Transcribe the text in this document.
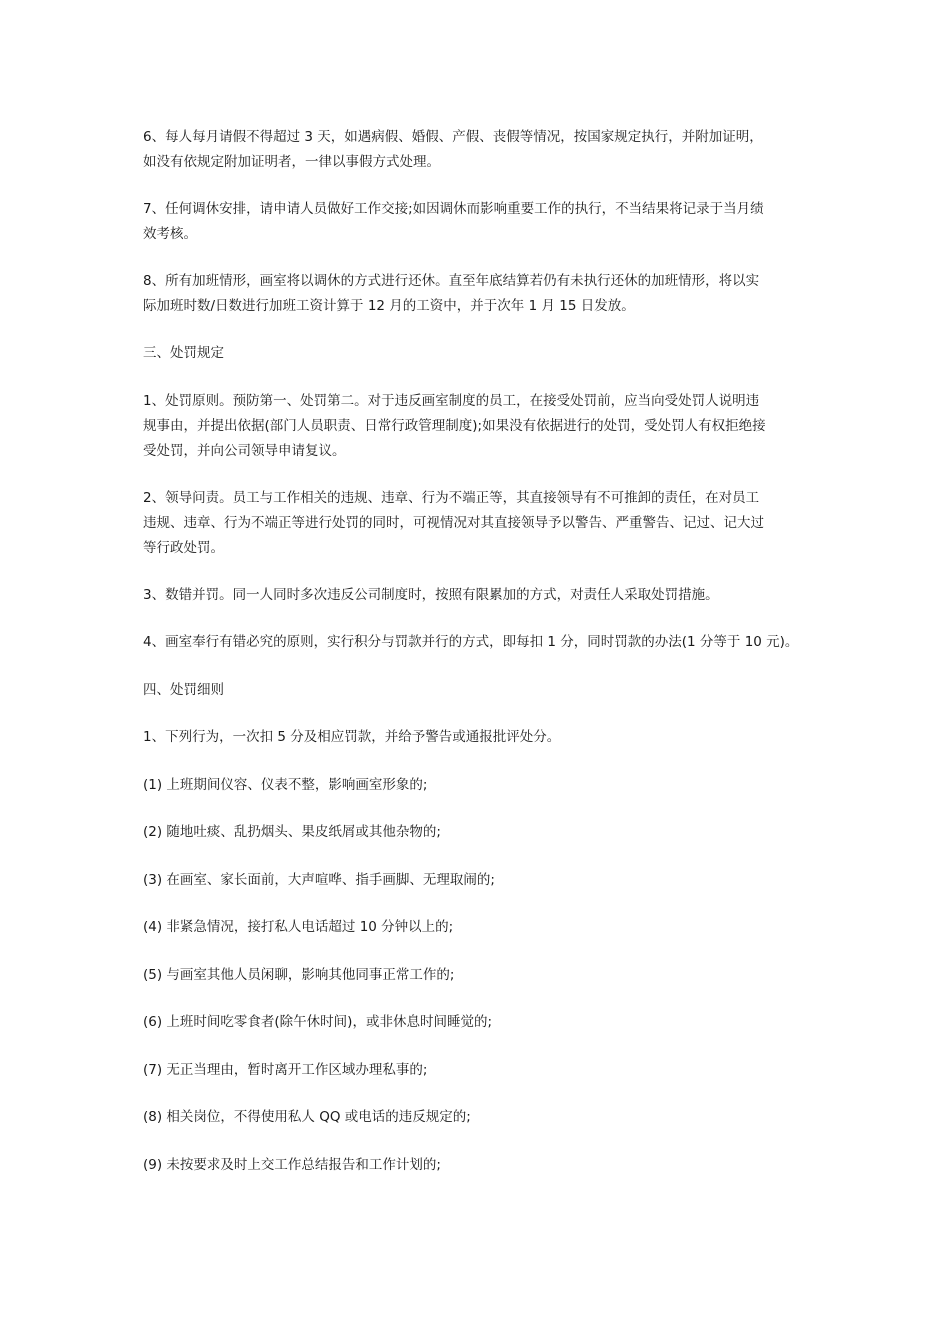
6、每人每月请假不得超过 3 天，如遇病假、婚假、产假、丧假等情况，按国家规定执行，并附加证明，
如没有依规定附加证明者，一律以事假方式处理。

7、任何调休安排，请申请人员做好工作交接;如因调休而影响重要工作的执行，不当结果将记录于当月绩
效考核。

8、所有加班情形，画室将以调休的方式进行还休。直至年底结算若仍有未执行还休的加班情形，将以实
际加班时数/日数进行加班工资计算于 12 月的工资中，并于次年 1 月 15 日发放。

三、处罚规定

1、处罚原则。预防第一、处罚第二。对于违反画室制度的员工，在接受处罚前，应当向受处罚人说明违
规事由，并提出依据(部门人员职责、日常行政管理制度);如果没有依据进行的处罚，受处罚人有权拒绝接
受处罚，并向公司领导申请复议。

2、领导问责。员工与工作相关的违规、违章、行为不端正等，其直接领导有不可推卸的责任，在对员工
违规、违章、行为不端正等进行处罚的同时，可视情况对其直接领导予以警告、严重警告、记过、记大过
等行政处罚。

3、数错并罚。同一人同时多次违反公司制度时，按照有限累加的方式，对责任人采取处罚措施。

4、画室奉行有错必究的原则，实行积分与罚款并行的方式，即每扣 1 分，同时罚款的办法(1 分等于 10 元)。

四、处罚细则

1、下列行为，一次扣 5 分及相应罚款，并给予警告或通报批评处分。

(1) 上班期间仪容、仪表不整，影响画室形象的;

(2) 随地吐痰、乱扔烟头、果皮纸屑或其他杂物的;

(3) 在画室、家长面前，大声喧哗、指手画脚、无理取闹的;

(4) 非紧急情况，接打私人电话超过 10 分钟以上的;

(5) 与画室其他人员闲聊，影响其他同事正常工作的;

(6) 上班时间吃零食者(除午休时间)，或非休息时间睡觉的;

(7) 无正当理由，暂时离开工作区域办理私事的;

(8) 相关岗位，不得使用私人 QQ 或电话的违反规定的;

(9) 未按要求及时上交工作总结报告和工作计划的;
